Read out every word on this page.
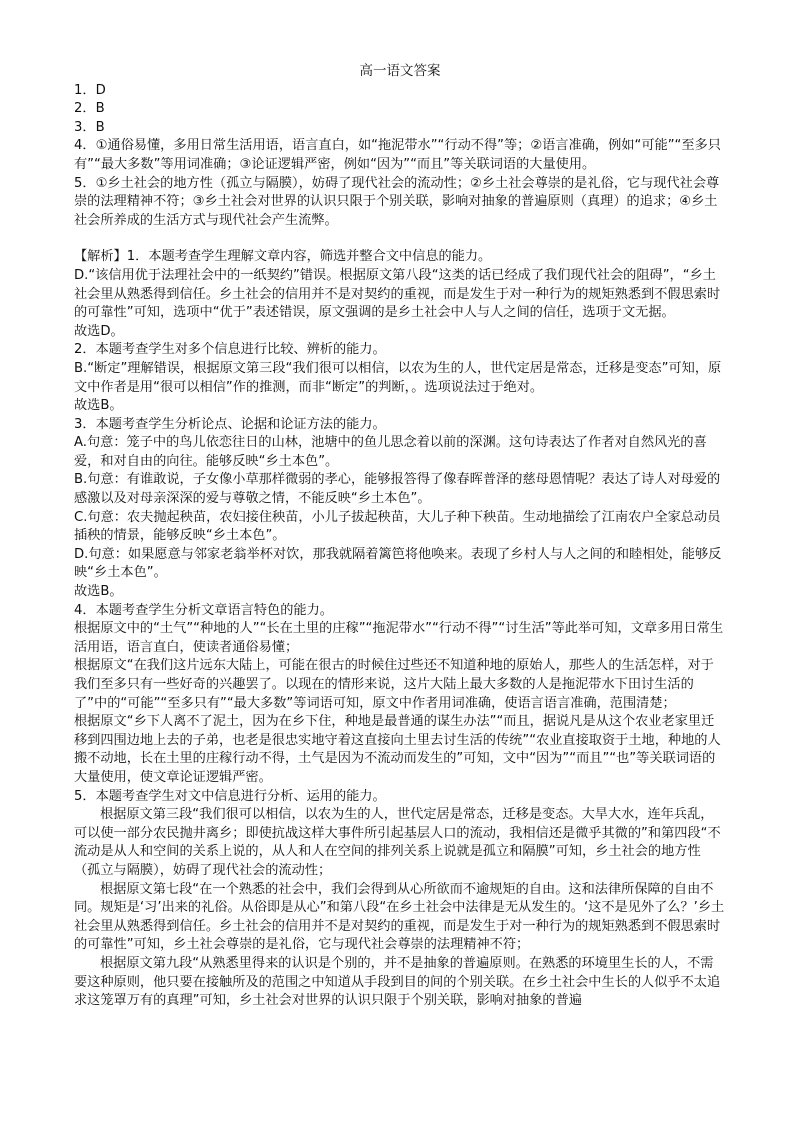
高一语文答案
1．D
2．B
3．B
4．①通俗易懂，多用日常生活用语，语言直白，如“拖泥带水”“行动不得”等；②语言准确，例如“可能”“至多只有”“最大多数”等用词准确；③论证逻辑严密，例如“因为”“而且”等关联词语的大量使用。
5．①乡土社会的地方性（孤立与隔膜），妨碍了现代社会的流动性；②乡土社会尊崇的是礼俗，它与现代社会尊崇的法理精神不符；③乡土社会对世界的认识只限于个别关联，影响对抽象的普遍原则（真理）的追求；④乡土社会所养成的生活方式与现代社会产生流弊。
【解析】1．本题考查学生理解文章内容，筛选并整合文中信息的能力。
D.“该信用优于法理社会中的一纸契约”错误。根据原文第八段“这类的话已经成了我们现代社会的阻碍”，“乡土社会里从熟悉得到信任。乡土社会的信用并不是对契约的重视，而是发生于对一种行为的规矩熟悉到不假思索时的可靠性”可知，选项中“优于”表述错误，原文强调的是乡土社会中人与人之间的信任，选项于文无据。
故选D。
2．本题考查学生对多个信息进行比较、辨析的能力。
B.“断定”理解错误，根据原文第三段“我们很可以相信，以农为生的人，世代定居是常态，迁移是变态”可知，原文中作者是用“很可以相信”作的推测，而非“断定”的判断，。选项说法过于绝对。
故选B。
3．本题考查学生分析论点、论据和论证方法的能力。
A.句意：笼子中的鸟儿依恋往日的山林，池塘中的鱼儿思念着以前的深渊。这句诗表达了作者对自然风光的喜爱，和对自由的向往。能够反映“乡土本色”。
B.句意：有谁敢说，子女像小草那样微弱的孝心，能够报答得了像春晖普泽的慈母恩情呢？表达了诗人对母爱的感激以及对母亲深深的爱与尊敬之情，不能反映“乡土本色”。
C.句意：农夫抛起秧苗，农妇接住秧苗，小儿子拔起秧苗，大儿子种下秧苗。生动地描绘了江南农户全家总动员插秧的情景，能够反映“乡土本色”。
D.句意：如果愿意与邻家老翁举杯对饮，那我就隔着篱笆将他唤来。表现了乡村人与人之间的和睦相处，能够反映“乡土本色”。
故选B。
4．本题考查学生分析文章语言特色的能力。
根据原文中的“土气”“种地的人”“长在土里的庄稼”“拖泥带水”“行动不得”“讨生活”等此举可知，文章多用日常生活用语，语言直白，使读者通俗易懂；
根据原文“在我们这片远东大陆上，可能在很古的时候住过些还不知道种地的原始人，那些人的生活怎样，对于我们至多只有一些好奇的兴趣罢了。以现在的情形来说，这片大陆上最大多数的人是拖泥带水下田讨生活的了”中的“可能”“至多只有”“最大多数”等词语可知，原文中作者用词准确，使语言语言准确，范围清楚；
根据原文“乡下人离不了泥土，因为在乡下住，种地是最普通的谋生办法”“而且，据说凡是从这个农业老家里迁移到四围边地上去的子弟，也老是很忠实地守着这直接向土里去讨生活的传统”“农业直接取资于土地，种地的人搬不动地，长在土里的庄稼行动不得，土气是因为不流动而发生的”可知，文中“因为”“而且”“也”等关联词语的大量使用，使文章论证逻辑严密。
5．本题考查学生对文中信息进行分析、运用的能力。
根据原文第三段“我们很可以相信，以农为生的人，世代定居是常态，迁移是变态。大旱大水，连年兵乱，可以使一部分农民抛井离乡；即使抗战这样大事件所引起基层人口的流动，我相信还是微乎其微的”和第四段“不流动是从人和空间的关系上说的，从人和人在空间的排列关系上说就是孤立和隔膜”可知，乡土社会的地方性（孤立与隔膜），妨碍了现代社会的流动性；
根据原文第七段“在一个熟悉的社会中，我们会得到从心所欲而不逾规矩的自由。这和法律所保障的自由不同。规矩是‘习’出来的礼俗。从俗即是从心”和第八段“在乡土社会中法律是无从发生的。‘这不是见外了么？’乡土社会里从熟悉得到信任。乡土社会的信用并不是对契约的重视，而是发生于对一种行为的规矩熟悉到不假思索时的可靠性”可知，乡土社会尊崇的是礼俗，它与现代社会尊崇的法理精神不符；
根据原文第九段“从熟悉里得来的认识是个别的，并不是抽象的普遍原则。在熟悉的环境里生长的人，不需要这种原则，他只要在接触所及的范围之中知道从手段到目的间的个别关联。在乡土社会中生长的人似乎不太追求这笼罩万有的真理”可知，乡土社会对世界的认识只限于个别关联，影响对抽象的普遍
